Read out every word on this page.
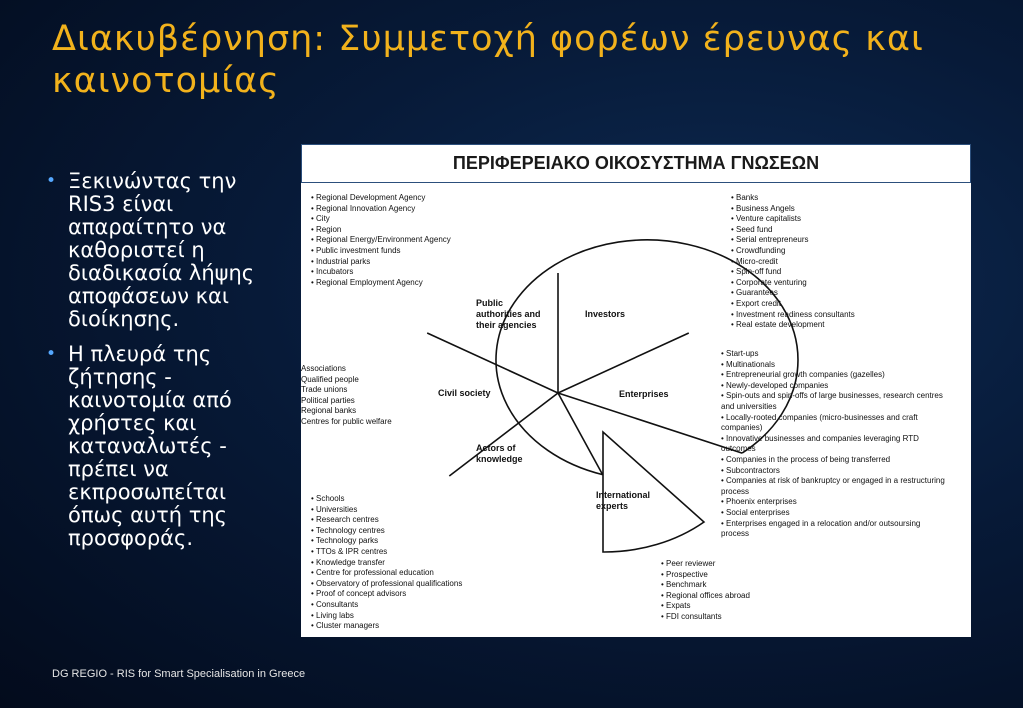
Διακυβέρνηση: Συμμετοχή φορέων έρευνας και καινοτομίας
• Ξεκινώντας την RIS3 είναι απαραίτητο να καθοριστεί η διαδικασία λήψης αποφάσεων και διοίκησης.
• Η πλευρά της ζήτησης - καινοτομία από χρήστες και καταναλωτές - πρέπει να εκπροσωπείται όπως αυτή της προσφοράς.
ΠΕΡΙΦΕΡΕΙΑΚΟ ΟΙΚΟΣΥΣΤΗΜΑ ΓΝΩΣΕΩΝ
Public
authorities and
their agencies
Investors
Enterprises
Civil society
Actors of
knowledge
International
experts
• Regional Development Agency
• Regional Innovation Agency
• City
• Region
• Regional Energy/Environment Agency
• Public investment funds
• Industrial parks
• Incubators
• Regional Employment Agency
• Banks
• Business Angels
• Venture capitalists
• Seed fund
• Serial entrepreneurs
• Crowdfunding
• Micro-credit
• Spin-off fund
• Corporate venturing
• Guarantees
• Export credit
• Investment readiness consultants
• Real estate development
Associations
Qualified people
Trade unions
Political parties
Regional banks
Centres for public welfare
• Start-ups
• Multinationals
• Entrepreneurial growth companies (gazelles)
• Newly-developed companies
• Spin-outs and spin-offs of large businesses, research centres
and universities
• Locally-rooted companies (micro-businesses and craft
companies)
• Innovative businesses and companies leveraging RTD
outcomes
• Companies in the process of being transferred
• Subcontractors
• Companies at risk of bankruptcy or engaged in a restructuring
process
• Phoenix enterprises
• Social enterprises
• Enterprises engaged in a relocation and/or outsoursing
process
• Schools
• Universities
• Research centres
• Technology centres
• Technology parks
• TTOs & IPR centres
• Knowledge transfer
• Centre for professional education
• Observatory of professional qualifications
• Proof of concept advisors
• Consultants
• Living labs
• Cluster managers
• Peer reviewer
• Prospective
• Benchmark
• Regional offices abroad
• Expats
• FDI consultants
DG REGIO - RIS for Smart Specialisation in Greece
